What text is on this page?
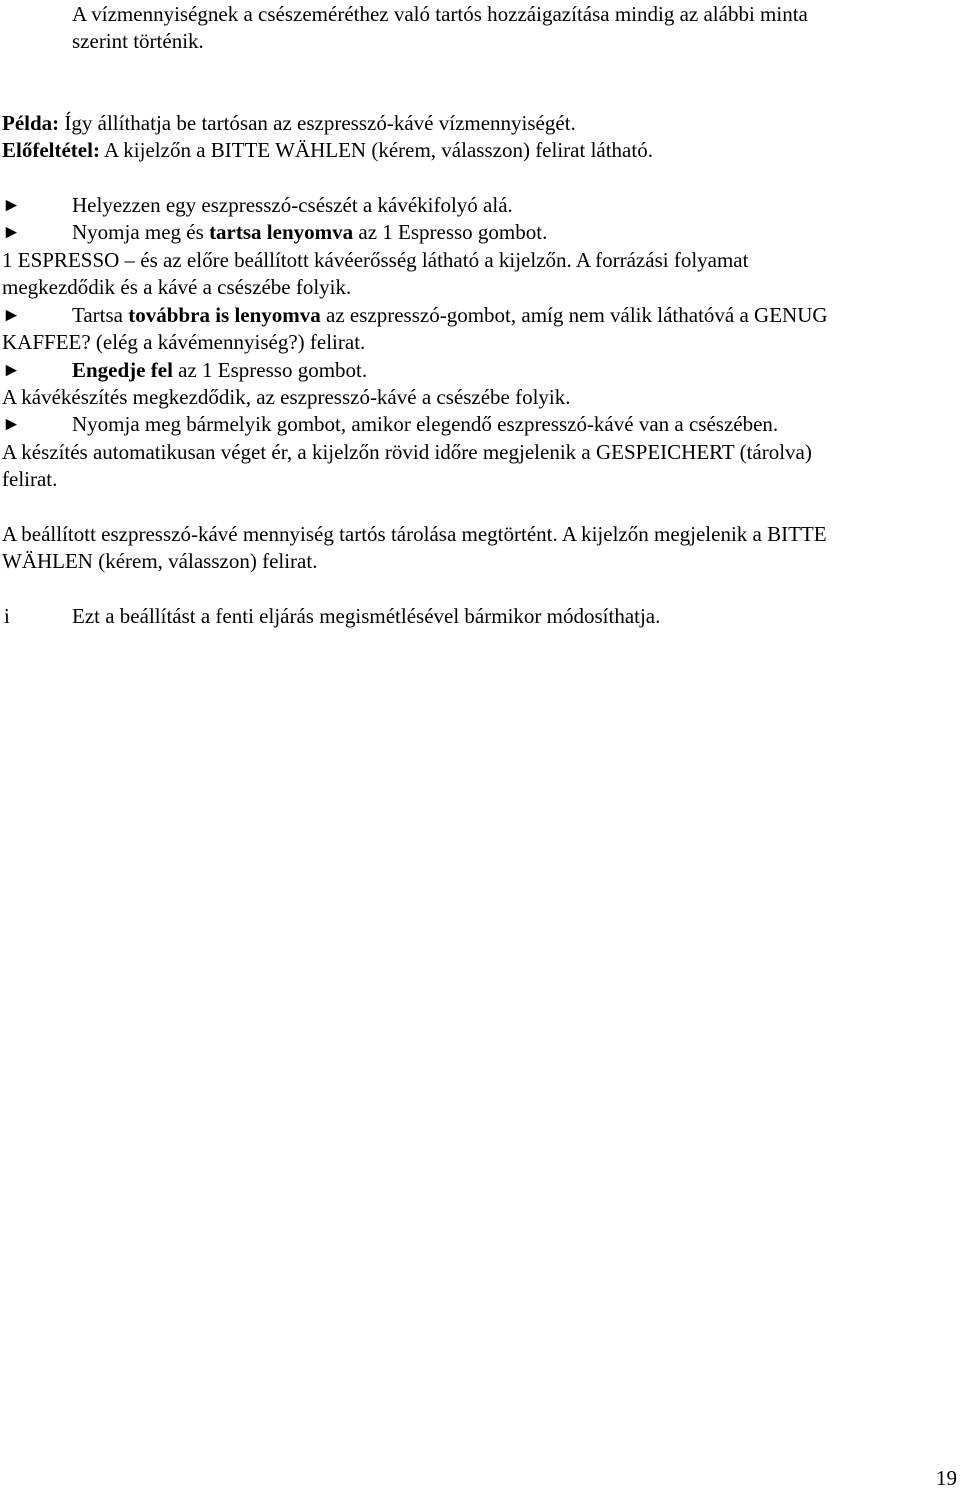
A vízmennyiségnek a csészeméréthez való tartós hozzáigazítása mindig az alábbi minta
szerint történik.
Példa: Így állíthatja be tartósan az eszpresszó-kávé vízmennyiségét.
Előfeltétel: A kijelzőn a BITTE WÄHLEN (kérem, válasszon) felirat látható.
► Helyezzen egy eszpresszó-csészét a kávékifolyó alá.
► Nyomja meg és tartsa lenyomva az 1 Espresso gombot.
1 ESPRESSO – és az előre beállított kávéerősség látható a kijelzőn. A forrázási folyamat
megkezdődik és a kávé a csészébe folyik.
► Tartsa továbbra is lenyomva az eszpresszó-gombot, amíg nem válik láthatóvá a GENUG
KAFFEE? (elég a kávémennyiség?) felirat.
► Engedje fel az 1 Espresso gombot.
A kávékészítés megkezdődik, az eszpresszó-kávé a csészébe folyik.
► Nyomja meg bármelyik gombot, amikor elegendő eszpresszó-kávé van a csészében.
A készítés automatikusan véget ér, a kijelzőn rövid időre megjelenik a GESPEICHERT (tárolva)
felirat.
A beállított eszpresszó-kávé mennyiség tartós tárolása megtörtént. A kijelzőn megjelenik a BITTE
WÄHLEN (kérem, válasszon) felirat.
i	Ezt a beállítást a fenti eljárás megismétlésével bármikor módosíthatja.
19
